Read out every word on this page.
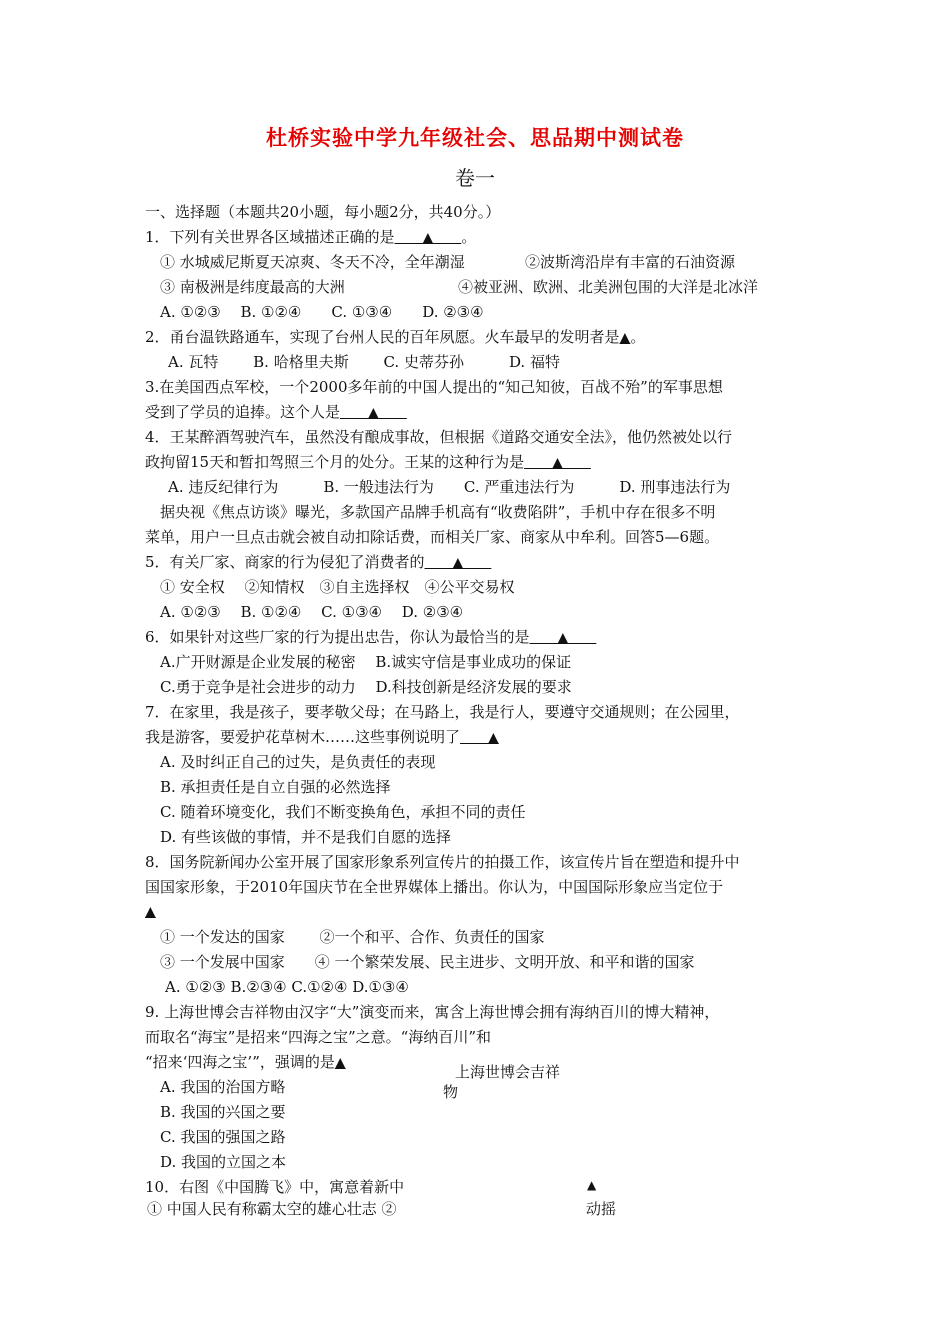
杜桥实验中学九年级社会、思品期中测试卷
卷一
一、选择题（本题共20小题，每小题2分，共40分。）
1．下列有关世界各区域描述正确的是　　▲　　。
① 水城威尼斯夏天凉爽、冬天不冷，全年潮湿	②波斯湾沿岸有丰富的石油资源
③ 南极洲是纬度最高的大洲	④被亚洲、欧洲、北美洲包围的大洋是北冰洋
A. ①②③　 B. ①②④　　C. ①③④　　D. ②③④
2．甬台温铁路通车，实现了台州人民的百年夙愿。火车最早的发明者是▲。
A. 瓦特　　 B. 哈格里夫斯　　 C. 史蒂芬孙　　　D. 福特
3.在美国西点军校，一个2000多年前的中国人提出的“知己知彼，百战不殆”的军事思想
受到了学员的追捧。这个人是　　▲　　
4．王某醉酒驾驶汽车，虽然没有酿成事故，但根据《道路交通安全法》，他仍然被处以行
政拘留15天和暂扣驾照三个月的处分。王某的这种行为是　　▲　　
A. 违反纪律行为　　　B. 一般违法行为　　C. 严重违法行为　　　D. 刑事违法行为
据央视《焦点访谈》曝光，多款国产品牌手机高有“收费陷阱”，手机中存在很多不明
菜单，用户一旦点击就会被自动扣除话费，而相关厂家、商家从中牟利。回答5—6题。
5．有关厂家、商家的行为侵犯了消费者的　　▲　　
① 安全权　 ②知情权　③自主选择权　④公平交易权
A. ①②③　 B. ①②④　 C. ①③④　 D. ②③④
6．如果针对这些厂家的行为提出忠告，你认为最恰当的是　　▲　　
A.广开财源是企业发展的秘密　 B.诚实守信是事业成功的保证
C.勇于竞争是社会进步的动力　 D.科技创新是经济发展的要求
7．在家里，我是孩子，要孝敬父母；在马路上，我是行人，要遵守交通规则；在公园里，
我是游客，要爱护花草树木……这些事例说明了　　▲
A. 及时纠正自己的过失，是负责任的表现
B. 承担责任是自立自强的必然选择
C. 随着环境变化，我们不断变换角色，承担不同的责任
D. 有些该做的事情，并不是我们自愿的选择
8．国务院新闻办公室开展了国家形象系列宣传片的拍摄工作，该宣传片旨在塑造和提升中
国国家形象，于2010年国庆节在全世界媒体上播出。你认为，中国国际形象应当定位于
▲
① 一个发达的国家　　 ②一个和平、合作、负责任的国家
③ 一个发展中国家　　④ 一个繁荣发展、民主进步、文明开放、和平和谐的国家
A. ①②③ B.②③④ C.①②④ D.①③④
9. 上海世博会吉祥物由汉字“大”演变而来，寓含上海世博会拥有海纳百川的博大精神，
而取名“海宝”是招来“四海之宝”之意。“海纳百川”和
“招来‘四海之宝’”，强调的是▲	上海世博会吉祥
物
A. 我国的治国方略
B. 我国的兴国之要
C. 我国的强国之路
D. 我国的立国之本
10．右图《中国腾飞》中，寓意着新中	▲
① 中国人民有称霸太空的雄心壮志 ②	动摇
